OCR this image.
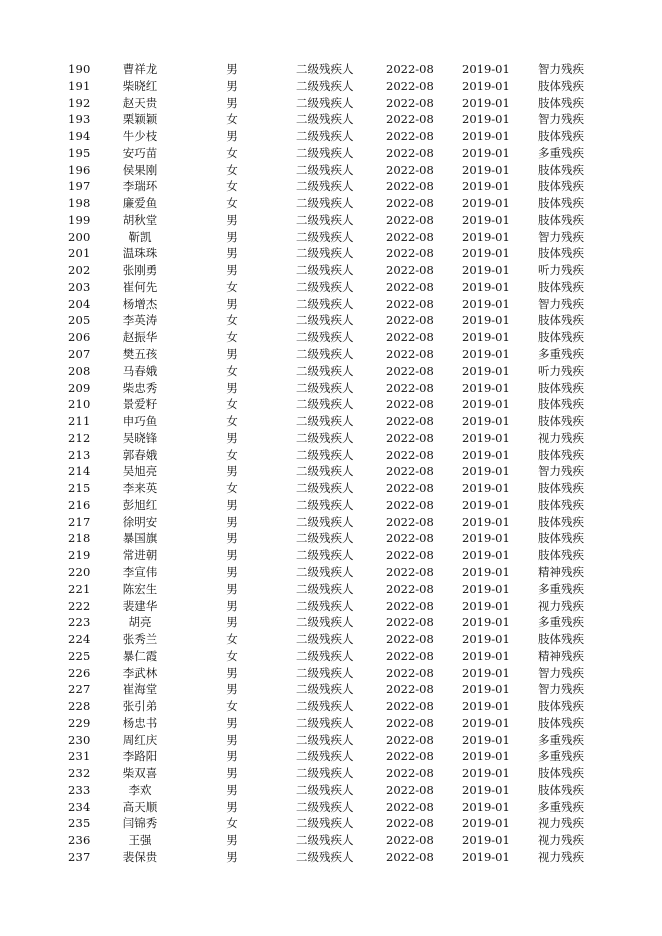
190	曹祥龙	男	二级残疾人	2022-08 2019-01 智力残疾
191	柴晓红	男	二级残疾人	2022-08 2019-01 肢体残疾
192	赵天贵	男	二级残疾人	2022-08 2019-01 肢体残疾
193	栗颖颖	女	二级残疾人	2022-08 2019-01 智力残疾
194	牛少枝	男	二级残疾人	2022-08 2019-01 肢体残疾
195	安巧苗	女	二级残疾人	2022-08 2019-01 多重残疾
196	侯果刚	女	二级残疾人	2022-08 2019-01 肢体残疾
197	李瑞环	女	二级残疾人	2022-08 2019-01 肢体残疾
198	廉爱鱼	女	二级残疾人	2022-08 2019-01 肢体残疾
199	胡秋堂	男	二级残疾人	2022-08 2019-01 肢体残疾
200	靳凯	男	二级残疾人	2022-08 2019-01 智力残疾
201	温珠珠	男	二级残疾人	2022-08 2019-01 肢体残疾
202	张刚勇	男	二级残疾人	2022-08 2019-01 听力残疾
203	崔何先	女	二级残疾人	2022-08 2019-01 肢体残疾
204	杨增杰	男	二级残疾人	2022-08 2019-01 智力残疾
205	李英涛	女	二级残疾人	2022-08 2019-01 肢体残疾
206	赵振华	女	二级残疾人	2022-08 2019-01 肢体残疾
207	樊五孩	男	二级残疾人	2022-08 2019-01 多重残疾
208	马春娥	女	二级残疾人	2022-08 2019-01 听力残疾
209	柴忠秀	男	二级残疾人	2022-08 2019-01 肢体残疾
210	景爱籽	女	二级残疾人	2022-08 2019-01 肢体残疾
211	申巧鱼	女	二级残疾人	2022-08 2019-01 肢体残疾
212	吴晓锋	男	二级残疾人	2022-08 2019-01 视力残疾
213	郭春娥	女	二级残疾人	2022-08 2019-01 肢体残疾
214	吴旭亮	男	二级残疾人	2022-08 2019-01 智力残疾
215	李来英	女	二级残疾人	2022-08 2019-01 肢体残疾
216	彭旭红	男	二级残疾人	2022-08 2019-01 肢体残疾
217	徐明安	男	二级残疾人	2022-08 2019-01 肢体残疾
218	暴国旗	男	二级残疾人	2022-08 2019-01 肢体残疾
219	常进朝	男	二级残疾人	2022-08 2019-01 肢体残疾
220	李宣伟	男	二级残疾人	2022-08 2019-01 精神残疾
221	陈宏生	男	二级残疾人	2022-08 2019-01 多重残疾
222	裴建华	男	二级残疾人	2022-08 2019-01 视力残疾
223	胡亮	男	二级残疾人	2022-08 2019-01 多重残疾
224	张秀兰	女	二级残疾人	2022-08 2019-01 肢体残疾
225	暴仁霞	女	二级残疾人	2022-08 2019-01 精神残疾
226	李武林	男	二级残疾人	2022-08 2019-01 智力残疾
227	崔海堂	男	二级残疾人	2022-08 2019-01 智力残疾
228	张引弟	女	二级残疾人	2022-08 2019-01 肢体残疾
229	杨忠书	男	二级残疾人	2022-08 2019-01 肢体残疾
230	周红庆	男	二级残疾人	2022-08 2019-01 多重残疾
231	李路阳	男	二级残疾人	2022-08 2019-01 多重残疾
232	柴双喜	男	二级残疾人	2022-08 2019-01 肢体残疾
233	李欢	男	二级残疾人	2022-08 2019-01 肢体残疾
234	高天顺	男	二级残疾人	2022-08 2019-01 多重残疾
235	闫锦秀	女	二级残疾人	2022-08 2019-01 视力残疾
236	王强	男	二级残疾人	2022-08 2019-01 视力残疾
237	裴保贵	男	二级残疾人	2022-08 2019-01 视力残疾
